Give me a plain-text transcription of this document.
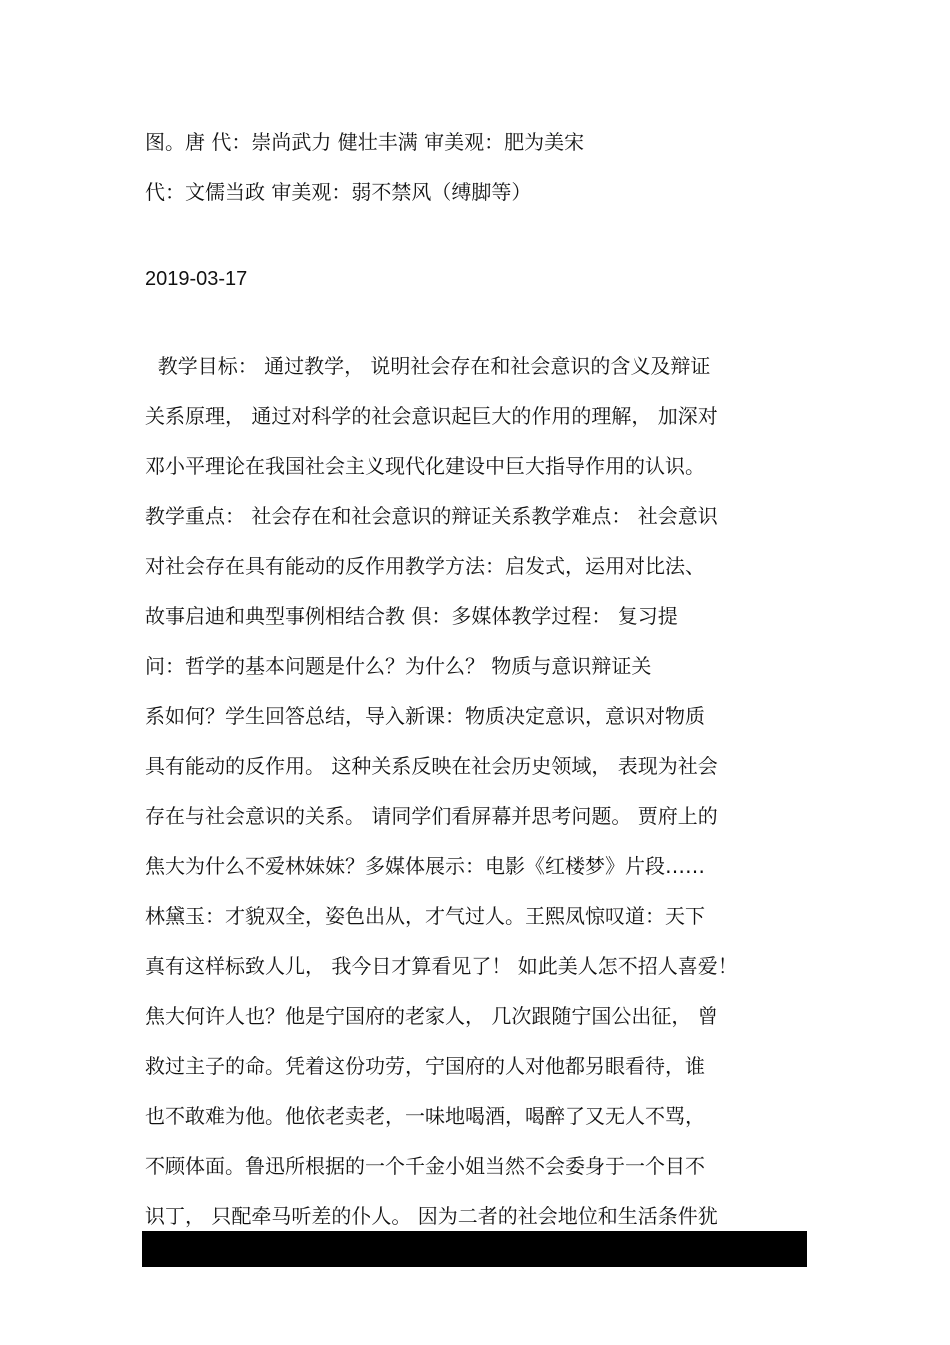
图。唐 代：崇尚武力 健壮丰满 审美观：肥为美宋
代：文儒当政 审美观：弱不禁风（缚脚等）
2019-03-17
教学目标： 通过教学， 说明社会存在和社会意识的含义及辩证
关系原理， 通过对科学的社会意识起巨大的作用的理解， 加深对
邓小平理论在我国社会主义现代化建设中巨大指导作用的认识。
教学重点： 社会存在和社会意识的辩证关系教学难点： 社会意识
对社会存在具有能动的反作用教学方法：启发式，运用对比法、
故事启迪和典型事例相结合教 倶：多媒体教学过程： 复习提
问：哲学的基本问题是什么？为什么？ 物质与意识辩证关
系如何？学生回答总结，导入新课：物质决定意识，意识对物质
具有能动的反作用。 这种关系反映在社会历史领域， 表现为社会
存在与社会意识的关系。 请同学们看屏幕并思考问题。 贾府上的
焦大为什么不爱林妹妹？多媒体展示：电影《红楼梦》片段……
林黛玉：才貌双全，姿色出从，才气过人。王熙凤惊叹道：天下
真有这样标致人儿， 我今日才算看见了！ 如此美人怎不招人喜爱！
焦大何许人也？他是宁国府的老家人， 几次跟随宁国公出征， 曾
救过主子的命。凭着这份功劳，宁国府的人对他都另眼看待，谁
也不敢难为他。他依老卖老，一味地喝酒，喝醉了又无人不骂，
不顾体面。鲁迅所根据的一个千金小姐当然不会委身于一个目不
识丁， 只配牵马听差的仆人。 因为二者的社会地位和生活条件犹
